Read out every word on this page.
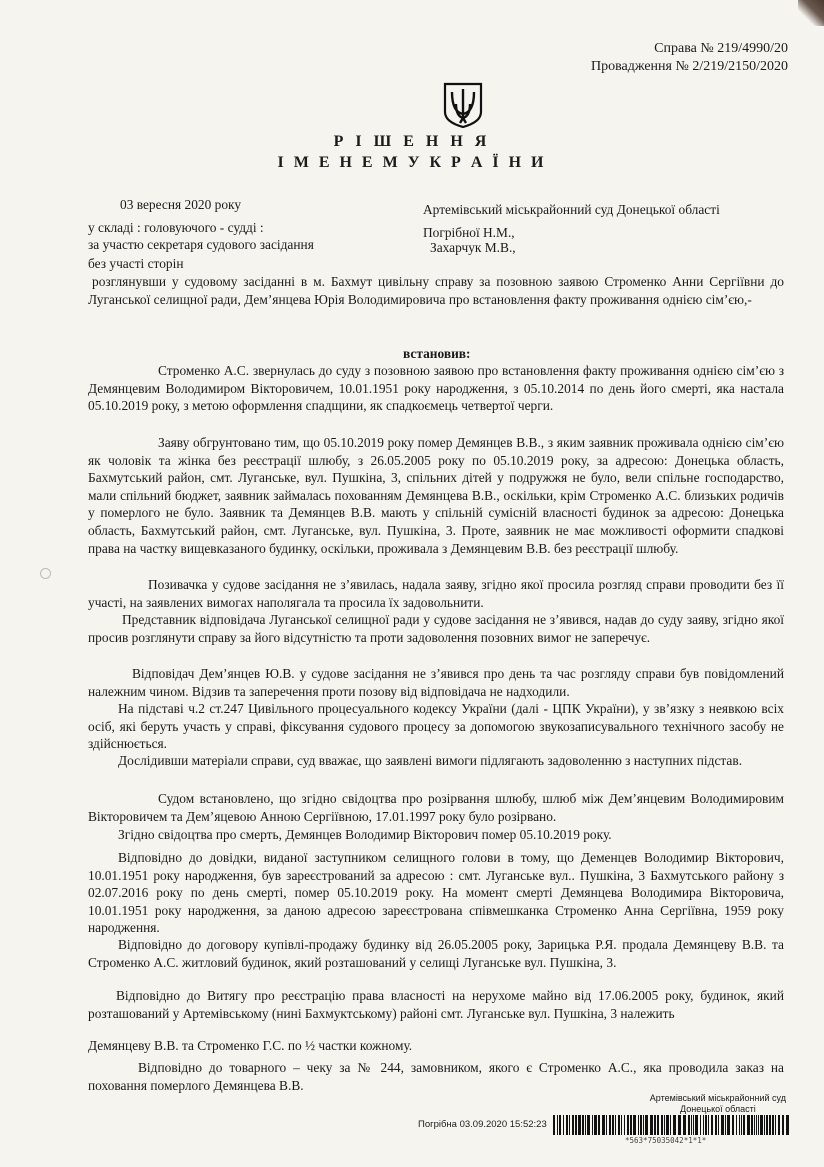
Справа № 219/4990/20
Провадження № 2/219/2150/2020
Р І Ш Е Н Н Я
І М Е Н Е М У К Р А Ї Н И
03 вересня 2020 року	Артемівський міськрайонний суд Донецької області
у складі : головуючого - судді :	Погрібної Н.М.,
за участю секретаря судового засідання	Захарчук М.В.,
без участі сторін

розглянувши у судовому засіданні в м. Бахмут цивільну справу за позовною заявою Строменко Анни Сергіївни до Луганської селищної ради, Дем’янцева Юрія Володимировича про встановлення факту проживання однією сім’єю,-

встановив:

Строменко А.С. звернулась до суду з позовною заявою про встановлення факту проживання однією сім’єю з Демянцевим Володимиром Вікторовичем, 10.01.1951 року народження, з 05.10.2014 по день його смерті, яка настала 05.10.2019 року, з метою оформлення спадщини, як спадкоємець четвертої черги.

Заяву обгрунтовано тим, що 05.10.2019 року помер Демянцев В.В., з яким заявник проживала однією сім’єю як чоловік та жінка без реєстрації шлюбу, з 26.05.2005 року по 05.10.2019 року, за адресою: Донецька область, Бахмутський район, смт. Луганське, вул. Пушкіна, 3, спільних дітей у подружжя не було, вели спільне господарство, мали спільний бюджет, заявник займалась похованням Демянцева В.В., оскільки, крім Строменко А.С. близьких родичів у померлого не було. Заявник та Демянцев В.В. мають у спільній сумісній власності будинок за адресою: Донецька область, Бахмутський район, смт. Луганське, вул. Пушкіна, 3. Проте, заявник не має можливості оформити спадкові права на частку вищевказаного будинку, оскільки, проживала з Демянцевим В.В. без реєстрації шлюбу.

Позивачка у судове засідання не з’явилась, надала заяву, згідно якої просила розгляд справи проводити без її участі, на заявлених вимогах наполягала та просила їх задовольнити.

Представник відповідача Луганської селищної ради у судове засідання не з’явився, надав до суду заяву, згідно якої просив розглянути справу за його відсутністю та проти задоволення позовних вимог не заперечує.

Відповідач Дем’янцев Ю.В. у судове засідання не з’явився про день та час розгляду справи був повідомлений належним чином. Відзив та заперечення проти позову від відповідача не надходили.

На підставі ч.2 ст.247 Цивільного процесуального кодексу України (далі - ЦПК України), у зв’язку з неявкою всіх осіб, які беруть участь у справі, фіксування судового процесу за допомогою звукозаписувального технічного засобу не здійснюється.

Дослідивши матеріали справи, суд вважає, що заявлені вимоги підлягають задоволенню з наступних підстав.

Судом встановлено, що згідно свідоцтва про розірвання шлюбу, шлюб між Дем’янцевим Володимировим Вікторовичем та Дем’яцевою Анною Сергіївною, 17.01.1997 року було розірвано.

Згідно свідоцтва про смерть, Демянцев Володимир Вікторович помер 05.10.2019 року.

Відповідно до довідки, виданої заступником селищного голови в тому, що Деменцев Володимир Вікторович, 10.01.1951 року народження, був зареєстрований за адресою : смт. Луганське вул.. Пушкіна, 3 Бахмутського району з 02.07.2016 року по день смерті, помер 05.10.2019 року. На момент смерті Демянцева Володимира Вікторовича, 10.01.1951 року народження, за даною адресою зареєстрована співмешканка Строменко Анна Сергіївна, 1959 року народження.

Відповідно до договору купівлі-продажу будинку від 26.05.2005 року, Зарицька Р.Я. продала Демянцеву В.В. та Строменко А.С. житловий будинок, який розташований у селищі Луганське вул. Пушкіна, 3.

Відповідно до Витягу про реєстрацію права власності на нерухоме майно від 17.06.2005 року, будинок, який розташований у Артемівському (нині Бахмуктському) районі смт. Луганське вул. Пушкіна, 3 належить

Демянцеву В.В. та Строменко Г.С. по ½ частки кожному.

Відповідно до товарного – чеку за № 244, замовником, якого є Строменко А.С., яка проводила заказ на поховання померлого Демянцева В.В.

Артемівський міськрайонний суд
Донецької області
Погрібна 03.09.2020 15:52:23
*563*75035042*1*1*
